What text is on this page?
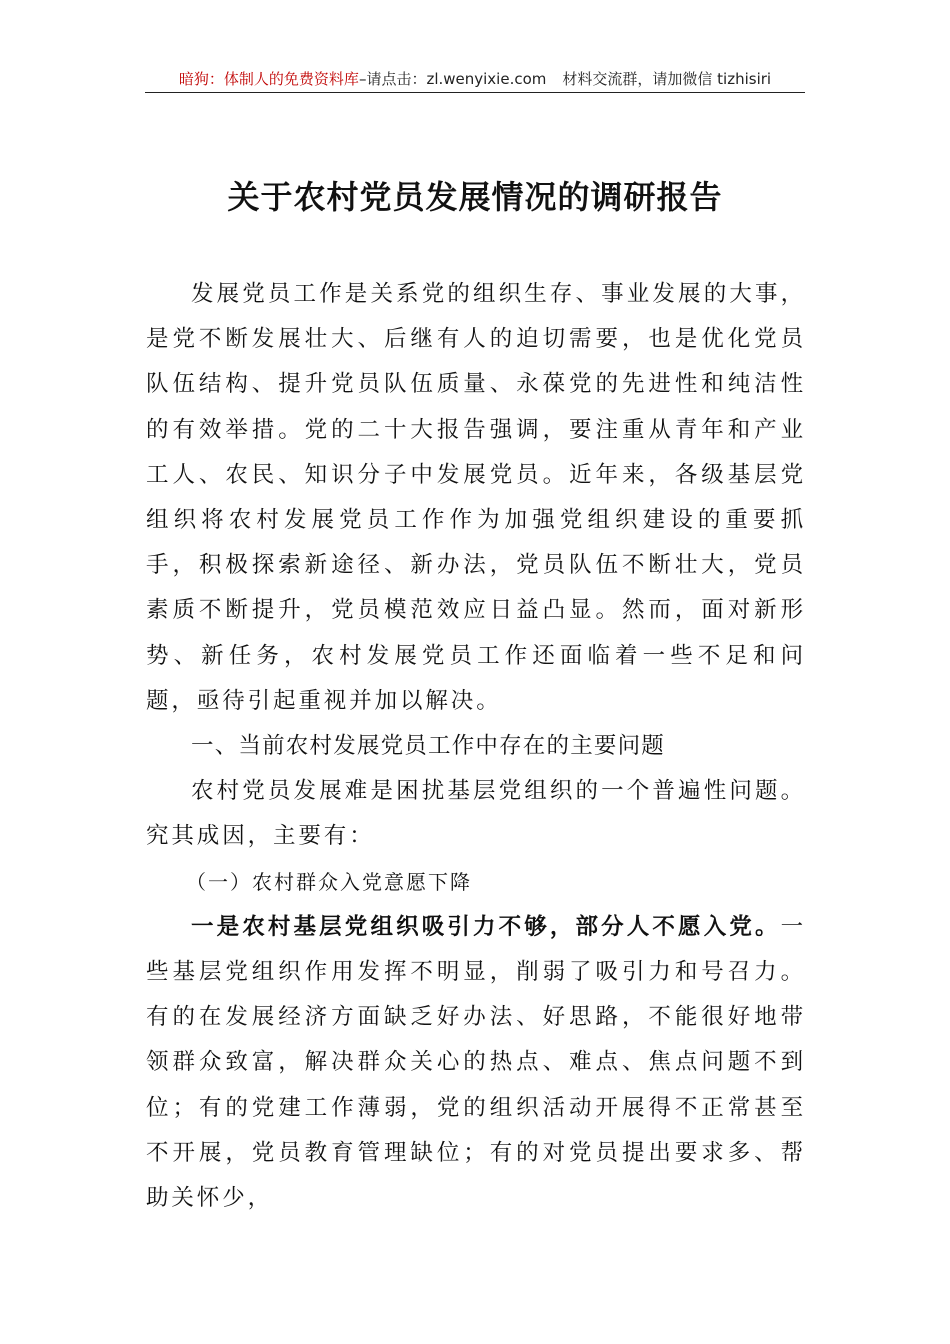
暗狗：体制人的免费资料库–请点击：zl.wenyixie.com 材料交流群，请加微信 tizhisiri
关于农村党员发展情况的调研报告

发展党员工作是关系党的组织生存、事业发展的大事，是党不断发展壮大、后继有人的迫切需要，也是优化党员队伍结构、提升党员队伍质量、永葆党的先进性和纯洁性的有效举措。党的二十大报告强调，要注重从青年和产业工人、农民、知识分子中发展党员。近年来，各级基层党组织将农村发展党员工作作为加强党组织建设的重要抓手，积极探索新途径、新办法，党员队伍不断壮大，党员素质不断提升，党员模范效应日益凸显。然而，面对新形势、新任务，农村发展党员工作还面临着一些不足和问题，亟待引起重视并加以解决。

一、当前农村发展党员工作中存在的主要问题

农村党员发展难是困扰基层党组织的一个普遍性问题。究其成因，主要有：

（一）农村群众入党意愿下降

一是农村基层党组织吸引力不够，部分人不愿入党。一些基层党组织作用发挥不明显，削弱了吸引力和号召力。有的在发展经济方面缺乏好办法、好思路，不能很好地带领群众致富，解决群众关心的热点、难点、焦点问题不到位；有的党建工作薄弱，党的组织活动开展得不正常甚至不开展，党员教育管理缺位；有的对党员提出要求多、帮助关怀少，
